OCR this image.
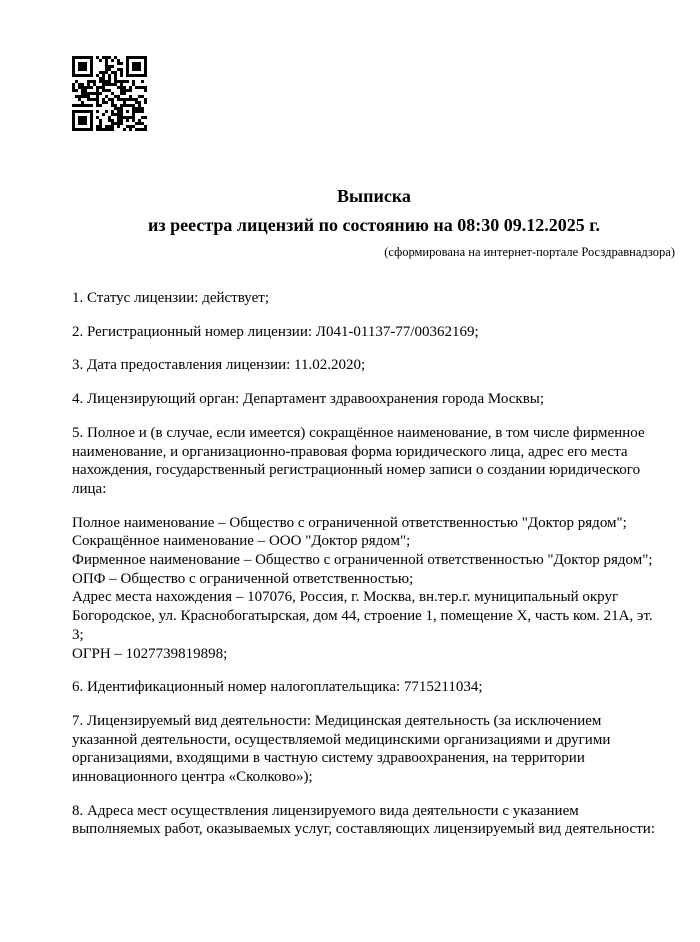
Выписка
из реестра лицензий по состоянию на 08:30 09.12.2025 г.
(сформирована на интернет-портале Росздравнадзора)

1. Статус лицензии: действует;

2. Регистрационный номер лицензии: Л041-01137-77/00362169;

3. Дата предоставления лицензии: 11.02.2020;

4. Лицензирующий орган: Департамент здравоохранения города Москвы;

5. Полное и (в случае, если имеется) сокращённое наименование, в том числе фирменное наименование, и организационно-правовая форма юридического лица, адрес его места нахождения, государственный регистрационный номер записи о создании юридического лица:

Полное наименование – Общество с ограниченной ответственностью "Доктор рядом";
Сокращённое наименование – ООО "Доктор рядом";
Фирменное наименование – Общество с ограниченной ответственностью "Доктор рядом";
ОПФ – Общество с ограниченной ответственностью;
Адрес места нахождения – 107076, Россия, г. Москва, вн.тер.г. муниципальный округ Богородское, ул. Краснобогатырская, дом 44, строение 1, помещение X, часть ком. 21А, эт. 3;
ОГРН – 1027739819898;

6. Идентификационный номер налогоплательщика: 7715211034;

7. Лицензируемый вид деятельности: Медицинская деятельность (за исключением указанной деятельности, осуществляемой медицинскими организациями и другими организациями, входящими в частную систему здравоохранения, на территории инновационного центра «Сколково»);

8. Адреса мест осуществления лицензируемого вида деятельности с указанием выполняемых работ, оказываемых услуг, составляющих лицензируемый вид деятельности:
